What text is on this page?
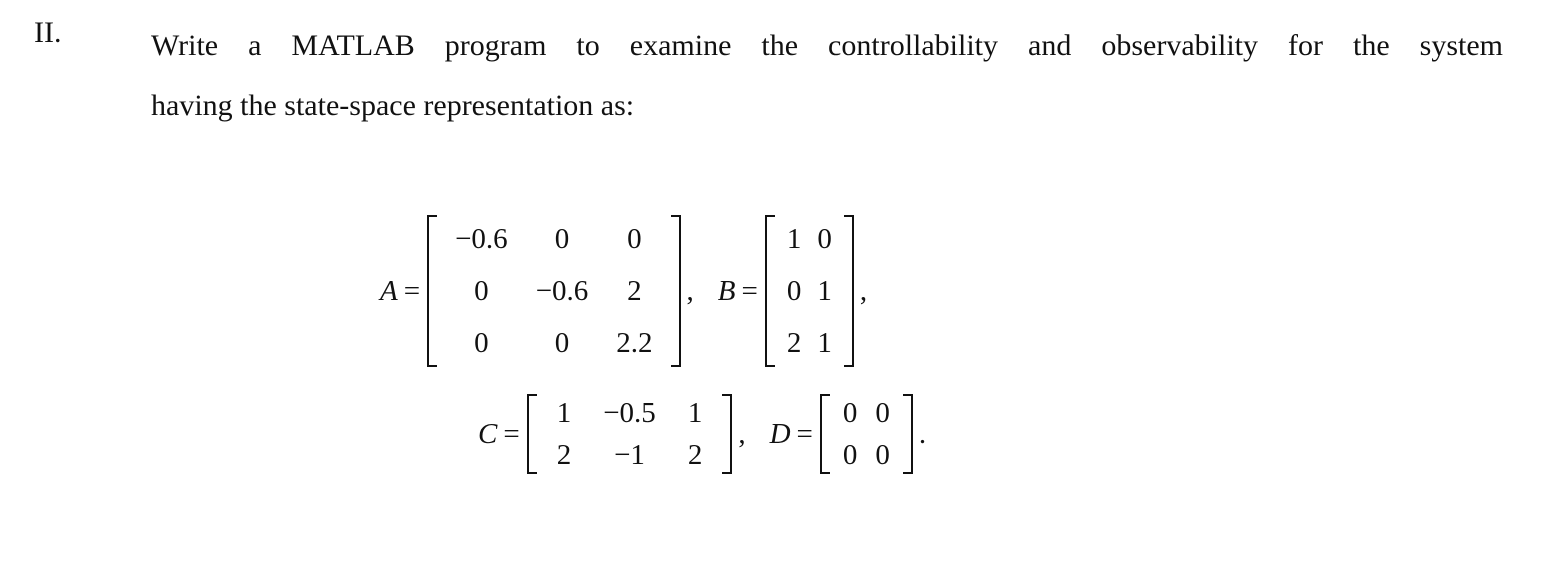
II.	Write a MATLAB program to examine the controllability and observability for the system
having the state-space representation as:
A =
−0.6	0	0
0	−0.6	2
0	0	2.2
, B =
1	0
0	1
2	1
,
C =
1	−0.5	1
2	−1	2
, D =
0	0
0	0
.
